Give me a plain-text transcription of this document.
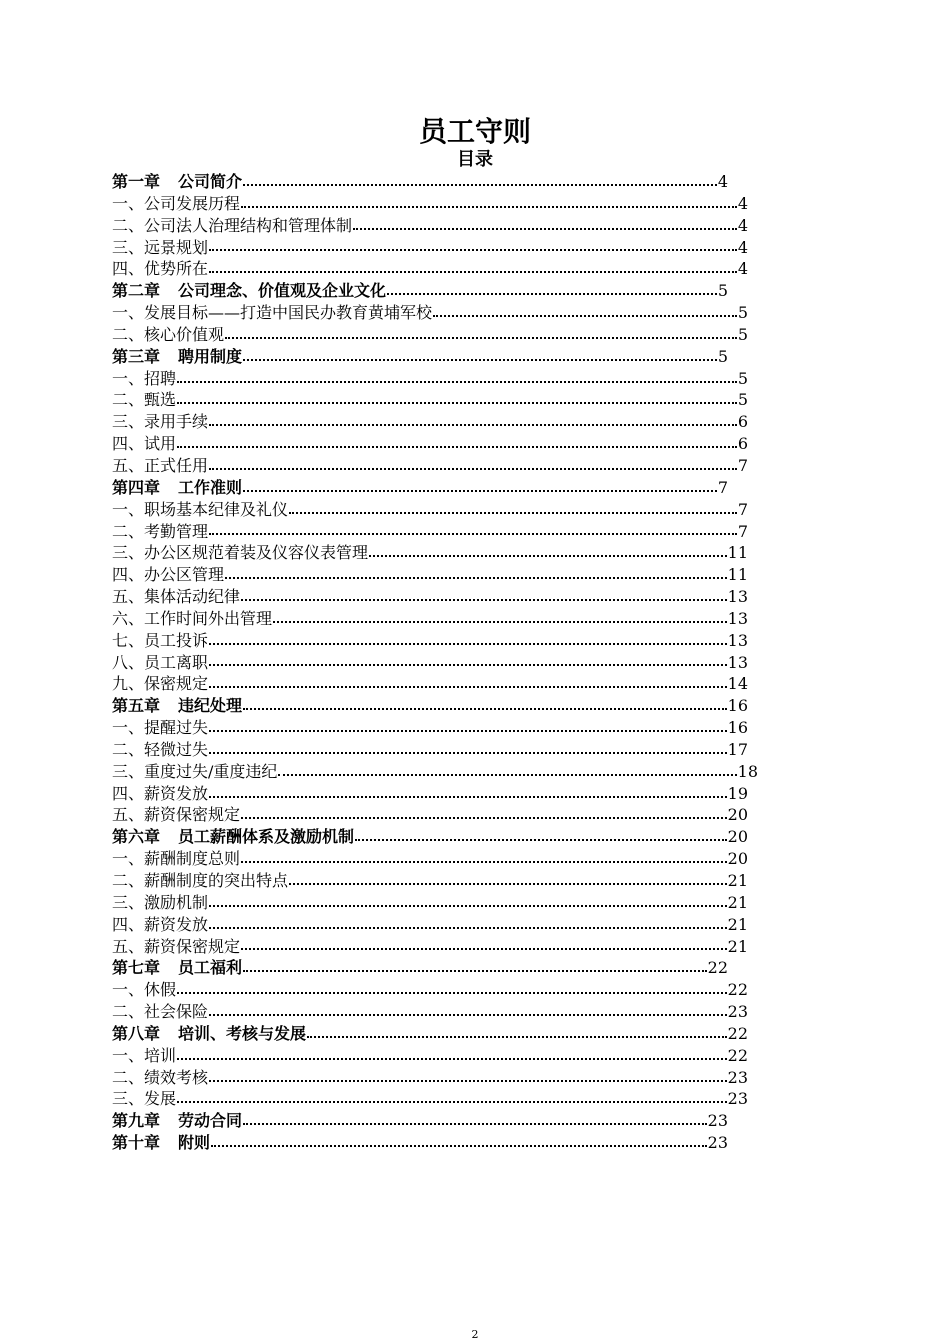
员工守则
目录
第一章 公司简介	4
一、公司发展历程	4
二、公司法人治理结构和管理体制	4
三、远景规划	4
四、优势所在	4
第二章 公司理念、价值观及企业文化	5
一、发展目标——打造中国民办教育黄埔军校	5
二、核心价值观	5
第三章 聘用制度	5
一、招聘	5
二、甄选	5
三、录用手续	6
四、试用	6
五、正式任用	7
第四章 工作准则	7
一、职场基本纪律及礼仪	7
二、考勤管理	7
三、办公区规范着装及仪容仪表管理	11
四、办公区管理	11
五、集体活动纪律	13
六、工作时间外出管理	13
七、员工投诉	13
八、员工离职	13
九、保密规定	14
第五章 违纪处理	16
一、提醒过失	16
二、轻微过失	17
三、重度过失/重度违纪	18
四、薪资发放	19
五、薪资保密规定	20
第六章 员工薪酬体系及激励机制	20
一、薪酬制度总则	20
二、薪酬制度的突出特点	21
三、激励机制	21
四、薪资发放	21
五、薪资保密规定	21
第七章 员工福利	22
一、休假	22
二、社会保险	23
第八章 培训、考核与发展	22
一、培训	22
二、绩效考核	23
三、发展	23
第九章 劳动合同	23
第十章 附则	23
2
